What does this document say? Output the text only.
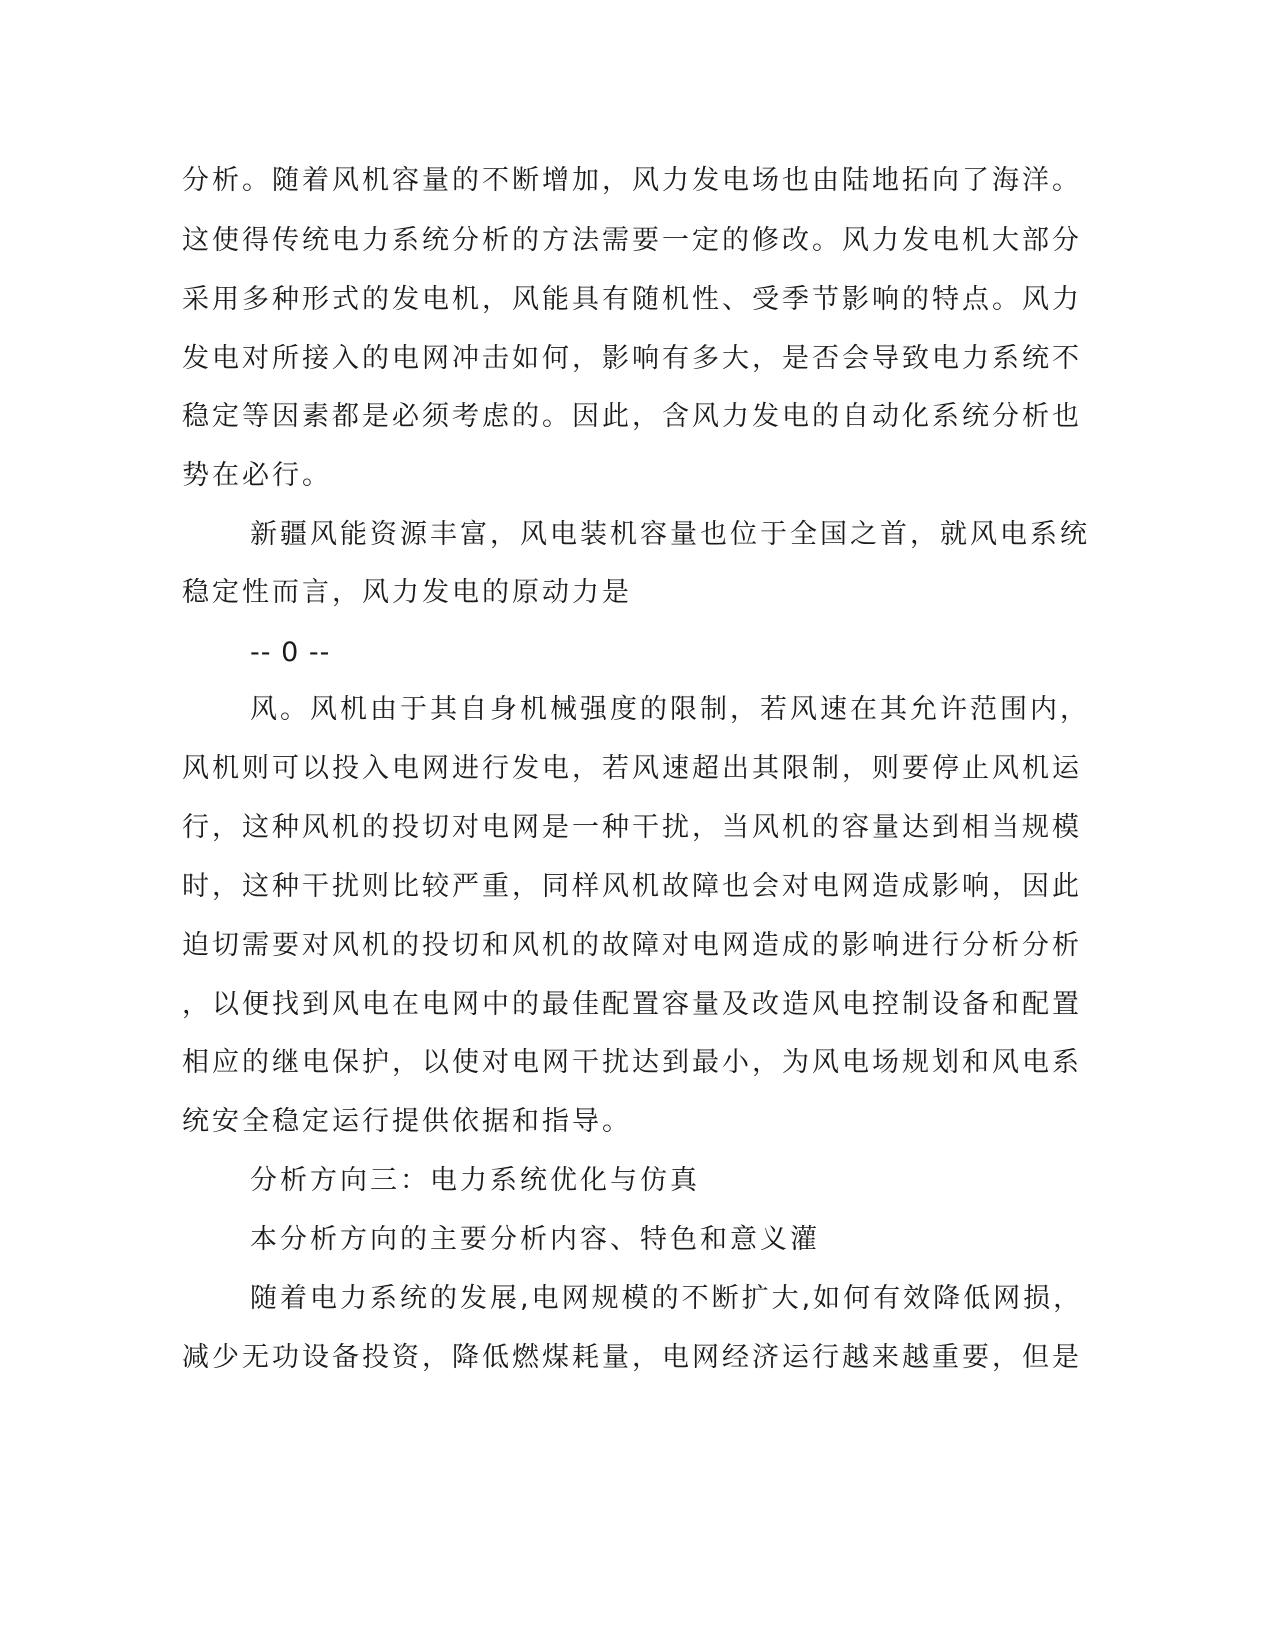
分析。随着风机容量的不断增加，风力发电场也由陆地拓向了海洋。
这使得传统电力系统分析的方法需要一定的修改。风力发电机大部分
采用多种形式的发电机，风能具有随机性、受季节影响的特点。风力
发电对所接入的电网冲击如何，影响有多大，是否会导致电力系统不
稳定等因素都是必须考虑的。因此，含风力发电的自动化系统分析也
势在必行。
新疆风能资源丰富，风电装机容量也位于全国之首，就风电系统
稳定性而言，风力发电的原动力是
-- 0 --
风。风机由于其自身机械强度的限制，若风速在其允许范围内，
风机则可以投入电网进行发电，若风速超出其限制，则要停止风机运
行，这种风机的投切对电网是一种干扰，当风机的容量达到相当规模
时，这种干扰则比较严重，同样风机故障也会对电网造成影响，因此
迫切需要对风机的投切和风机的故障对电网造成的影响进行分析分析
，以便找到风电在电网中的最佳配置容量及改造风电控制设备和配置
相应的继电保护，以使对电网干扰达到最小，为风电场规划和风电系
统安全稳定运行提供依据和指导。
分析方向三：电力系统优化与仿真
本分析方向的主要分析内容、特色和意义灌
随着电力系统的发展,电网规模的不断扩大,如何有效降低网损，
减少无功设备投资，降低燃煤耗量，电网经济运行越来越重要，但是
